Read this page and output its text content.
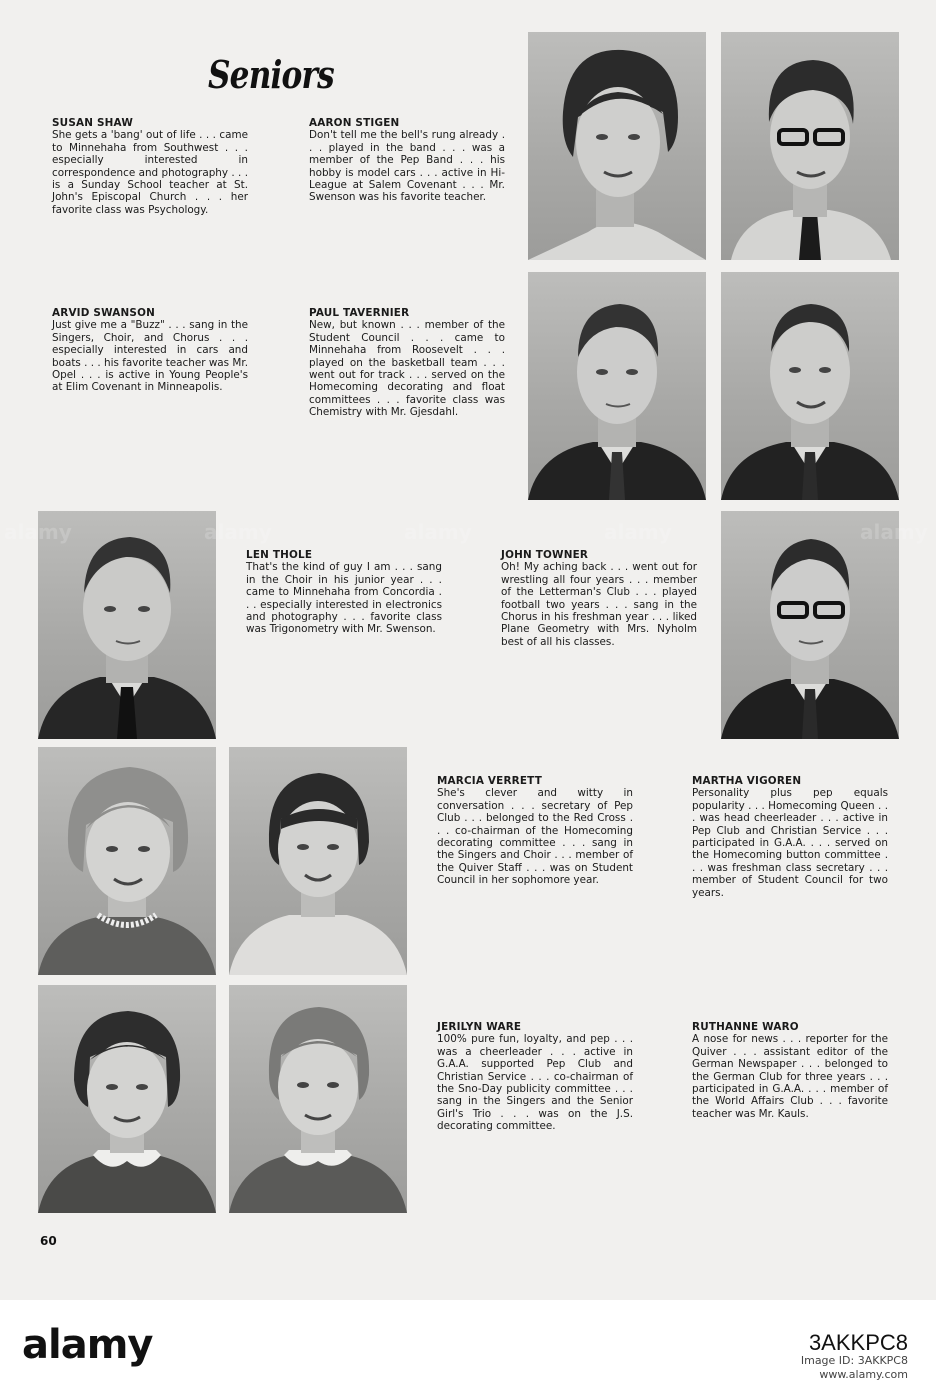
Seniors
SUSAN SHAW
She gets a 'bang' out of life . . . came to Minnehaha from Southwest . . . especially interested in correspondence and photography . . . is a Sunday School teacher at St. John's Episcopal Church . . . her favorite class was Psychology.
AARON STIGEN
Don't tell me the bell's rung already . . . played in the band . . . was a member of the Pep Band . . . his hobby is model cars . . . active in Hi-League at Salem Covenant . . . Mr. Swenson was his favorite teacher.
ARVID SWANSON
Just give me a "Buzz" . . . sang in the Singers, Choir, and Chorus . . . especially interested in cars and boats . . . his favorite teacher was Mr. Opel . . . is active in Young People's at Elim Covenant in Minneapolis.
PAUL TAVERNIER
New, but known . . . member of the Student Council . . . came to Minnehaha from Roosevelt . . . played on the basketball team . . . went out for track . . . served on the Homecoming decorating and float committees . . . favorite class was Chemistry with Mr. Gjesdahl.
LEN THOLE
That's the kind of guy I am . . . sang in the Choir in his junior year . . . came to Minnehaha from Concordia . . . especially interested in electronics and photography . . . favorite class was Trigonometry with Mr. Swenson.
JOHN TOWNER
Oh! My aching back . . . went out for wrestling all four years . . . member of the Letterman's Club . . . played football two years . . . sang in the Chorus in his freshman year . . . liked Plane Geometry with Mrs. Nyholm best of all his classes.
MARCIA VERRETT
She's clever and witty in conversation . . . secretary of Pep Club . . . belonged to the Red Cross . . . co-chairman of the Homecoming decorating committee . . . sang in the Singers and Choir . . . member of the Quiver Staff . . . was on Student Council in her sophomore year.
MARTHA VIGOREN
Personality plus pep equals popularity . . . Homecoming Queen . . . was head cheerleader . . . active in Pep Club and Christian Service . . . participated in G.A.A. . . . served on the Homecoming button committee . . . was freshman class secretary . . . member of Student Council for two years.
JERILYN WARE
100% pure fun, loyalty, and pep . . . was a cheerleader . . . active in G.A.A. supported Pep Club and Christian Service . . . co-chairman of the Sno-Day publicity committee . . . sang in the Singers and the Senior Girl's Trio . . . was on the J.S. decorating committee.
RUTHANNE WARO
A nose for news . . . reporter for the Quiver . . . assistant editor of the German Newspaper . . . belonged to the German Club for three years . . . participated in G.A.A. . . . member of the World Affairs Club . . . favorite teacher was Mr. Kauls.
alamy	alamy	alamy
60
alamy	3AKKPC8
Image ID: 3AKKPC8
www.alamy.com
